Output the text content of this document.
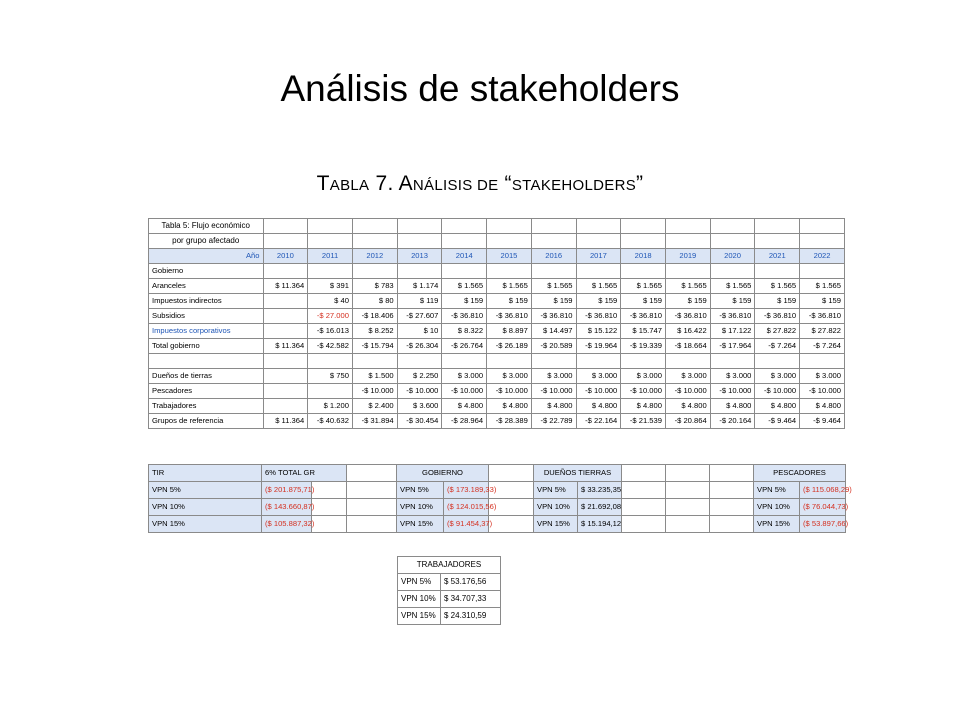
Análisis de stakeholders
TABLA 7. ANÁLISIS DE “STAKEHOLDERS”
Tabla 5: Flujo económico													
por grupo afectado													
Año	2010	2011	2012	2013	2014	2015	2016	2017	2018	2019	2020	2021	2022
Gobierno													
Aranceles	$ 11.364	$ 391	$ 783	$ 1.174	$ 1.565	$ 1.565	$ 1.565	$ 1.565	$ 1.565	$ 1.565	$ 1.565	$ 1.565	$ 1.565
Impuestos indirectos		$ 40	$ 80	$ 119	$ 159	$ 159	$ 159	$ 159	$ 159	$ 159	$ 159	$ 159	$ 159
Subsidios		-$ 27.000	-$ 18.406	-$ 27.607	-$ 36.810	-$ 36.810	-$ 36.810	-$ 36.810	-$ 36.810	-$ 36.810	-$ 36.810	-$ 36.810	-$ 36.810
Impuestos corporativos		-$ 16.013	$ 8.252	$ 10	$ 8.322	$ 8.897	$ 14.497	$ 15.122	$ 15.747	$ 16.422	$ 17.122	$ 27.822	$ 27.822
Total gobierno	$ 11.364	-$ 42.582	-$ 15.794	-$ 26.304	-$ 26.764	-$ 26.189	-$ 20.589	-$ 19.964	-$ 19.339	-$ 18.664	-$ 17.964	-$ 7.264	-$ 7.264

Dueños de tierras		$ 750	$ 1.500	$ 2.250	$ 3.000	$ 3.000	$ 3.000	$ 3.000	$ 3.000	$ 3.000	$ 3.000	$ 3.000	$ 3.000
Pescadores			-$ 10.000	-$ 10.000	-$ 10.000	-$ 10.000	-$ 10.000	-$ 10.000	-$ 10.000	-$ 10.000	-$ 10.000	-$ 10.000	-$ 10.000
Trabajadores		$ 1.200	$ 2.400	$ 3.600	$ 4.800	$ 4.800	$ 4.800	$ 4.800	$ 4.800	$ 4.800	$ 4.800	$ 4.800	$ 4.800
Grupos de referencia	$ 11.364	-$ 40.632	-$ 31.894	-$ 30.454	-$ 28.964	-$ 28.389	-$ 22.789	-$ 22.164	-$ 21.539	-$ 20.864	-$ 20.164	-$ 9.464	-$ 9.464
TIR	6% TOTAL GR			GOBIERNO			DUEÑOS TIERRAS					PESCADORES	
VPN 5%	($ 201.875,71)			VPN 5%	($ 173.189,33)		VPN 5%	$ 33.235,35				VPN 5%	($ 115.068,29)
VPN 10%	($ 143.660,87)			VPN 10%	($ 124.015,56)		VPN 10%	$ 21.692,08				VPN 10%	($ 76.044,73)
VPN 15%	($ 105.887,32)			VPN 15%	($ 91.454,37)		VPN 15%	$ 15.194,12				VPN 15%	($ 53.897,66)
TRABAJADORES	
VPN 5%	$ 53.176,56
VPN 10%	$ 34.707,33
VPN 15%	$ 24.310,59
